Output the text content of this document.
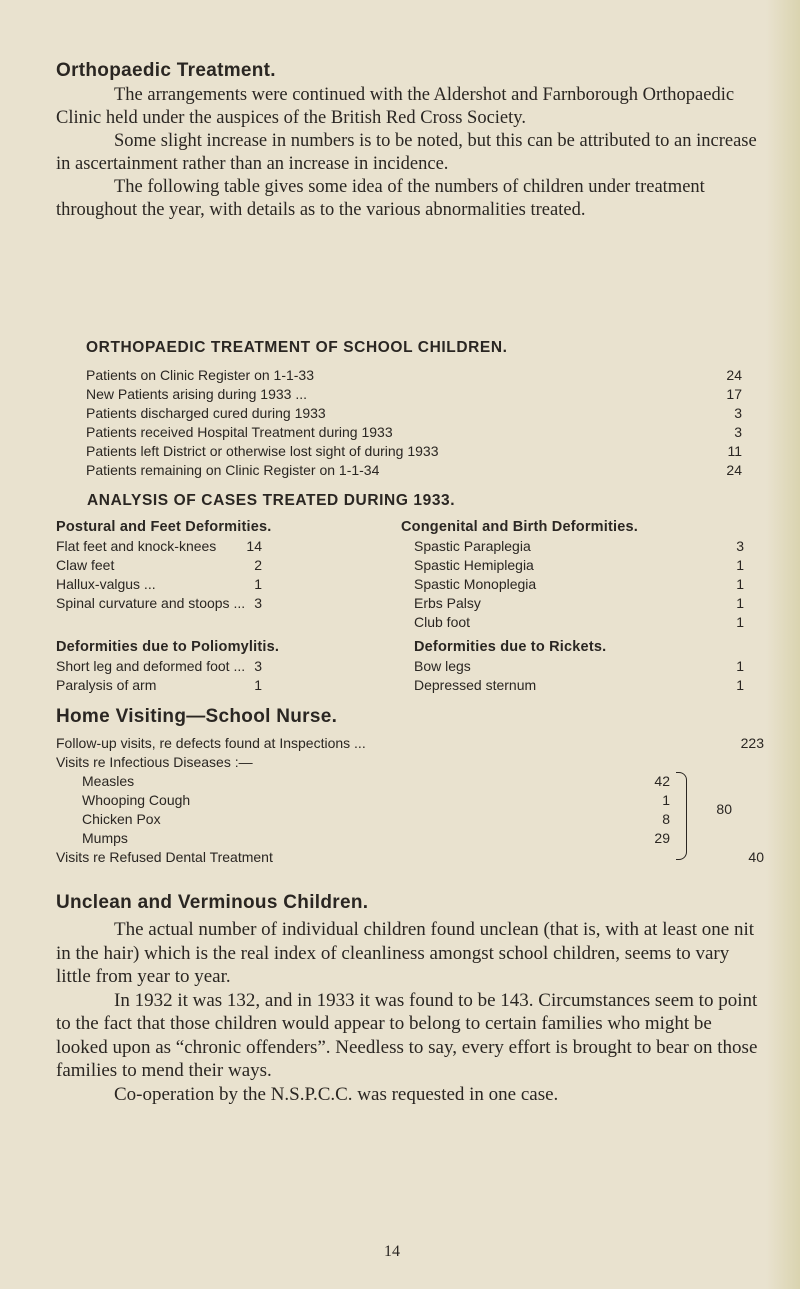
Orthopaedic Treatment.

The arrangements were continued with the Aldershot and Farnborough Orthopaedic Clinic held under the auspices of the British Red Cross Society.

Some slight increase in numbers is to be noted, but this can be attributed to an increase in ascertainment rather than an increase in incidence.

The following table gives some idea of the numbers of children under treatment throughout the year, with details as to the various abnormalities treated.

ORTHOPAEDIC TREATMENT OF SCHOOL CHILDREN.
Patients on Clinic Register on 1-1-33	24
New Patients arising during 1933 ...	17
Patients discharged cured during 1933	3
Patients received Hospital Treatment during 1933	3
Patients left District or otherwise lost sight of during 1933	11
Patients remaining on Clinic Register on 1-1-34	24
ANALYSIS OF CASES TREATED DURING 1933.
Postural and Feet Deformities.
Flat feet and knock-knees	14
Claw feet	2
Hallux-valgus ...	1
Spinal curvature and stoops ... 3
Deformities due to Poliomylitis.
Short leg and deformed foot ... 3
Paralysis of arm	1
Congenital and Birth Deformities.
Spastic Paraplegia	3
Spastic Hemiplegia	1
Spastic Monoplegia	1
Erbs Palsy	1
Club foot	1
Deformities due to Rickets.
Bow legs	1
Depressed sternum	1
Home Visiting—School Nurse.
Follow-up visits, re defects found at Inspections ...	223
Visits re Infectious Diseases :—
Measles	42
Whooping Cough	1
Chicken Pox	8
Mumps	29
80
Visits re Refused Dental Treatment	40
Unclean and Verminous Children.

The actual number of individual children found unclean (that is, with at least one nit in the hair) which is the real index of cleanliness amongst school children, seems to vary little from year to year.

In 1932 it was 132, and in 1933 it was found to be 143. Circumstances seem to point to the fact that those children would appear to belong to certain families who might be looked upon as “chronic offenders”. Needless to say, every effort is brought to bear on those families to mend their ways.

Co-operation by the N.S.P.C.C. was requested in one case.

14
